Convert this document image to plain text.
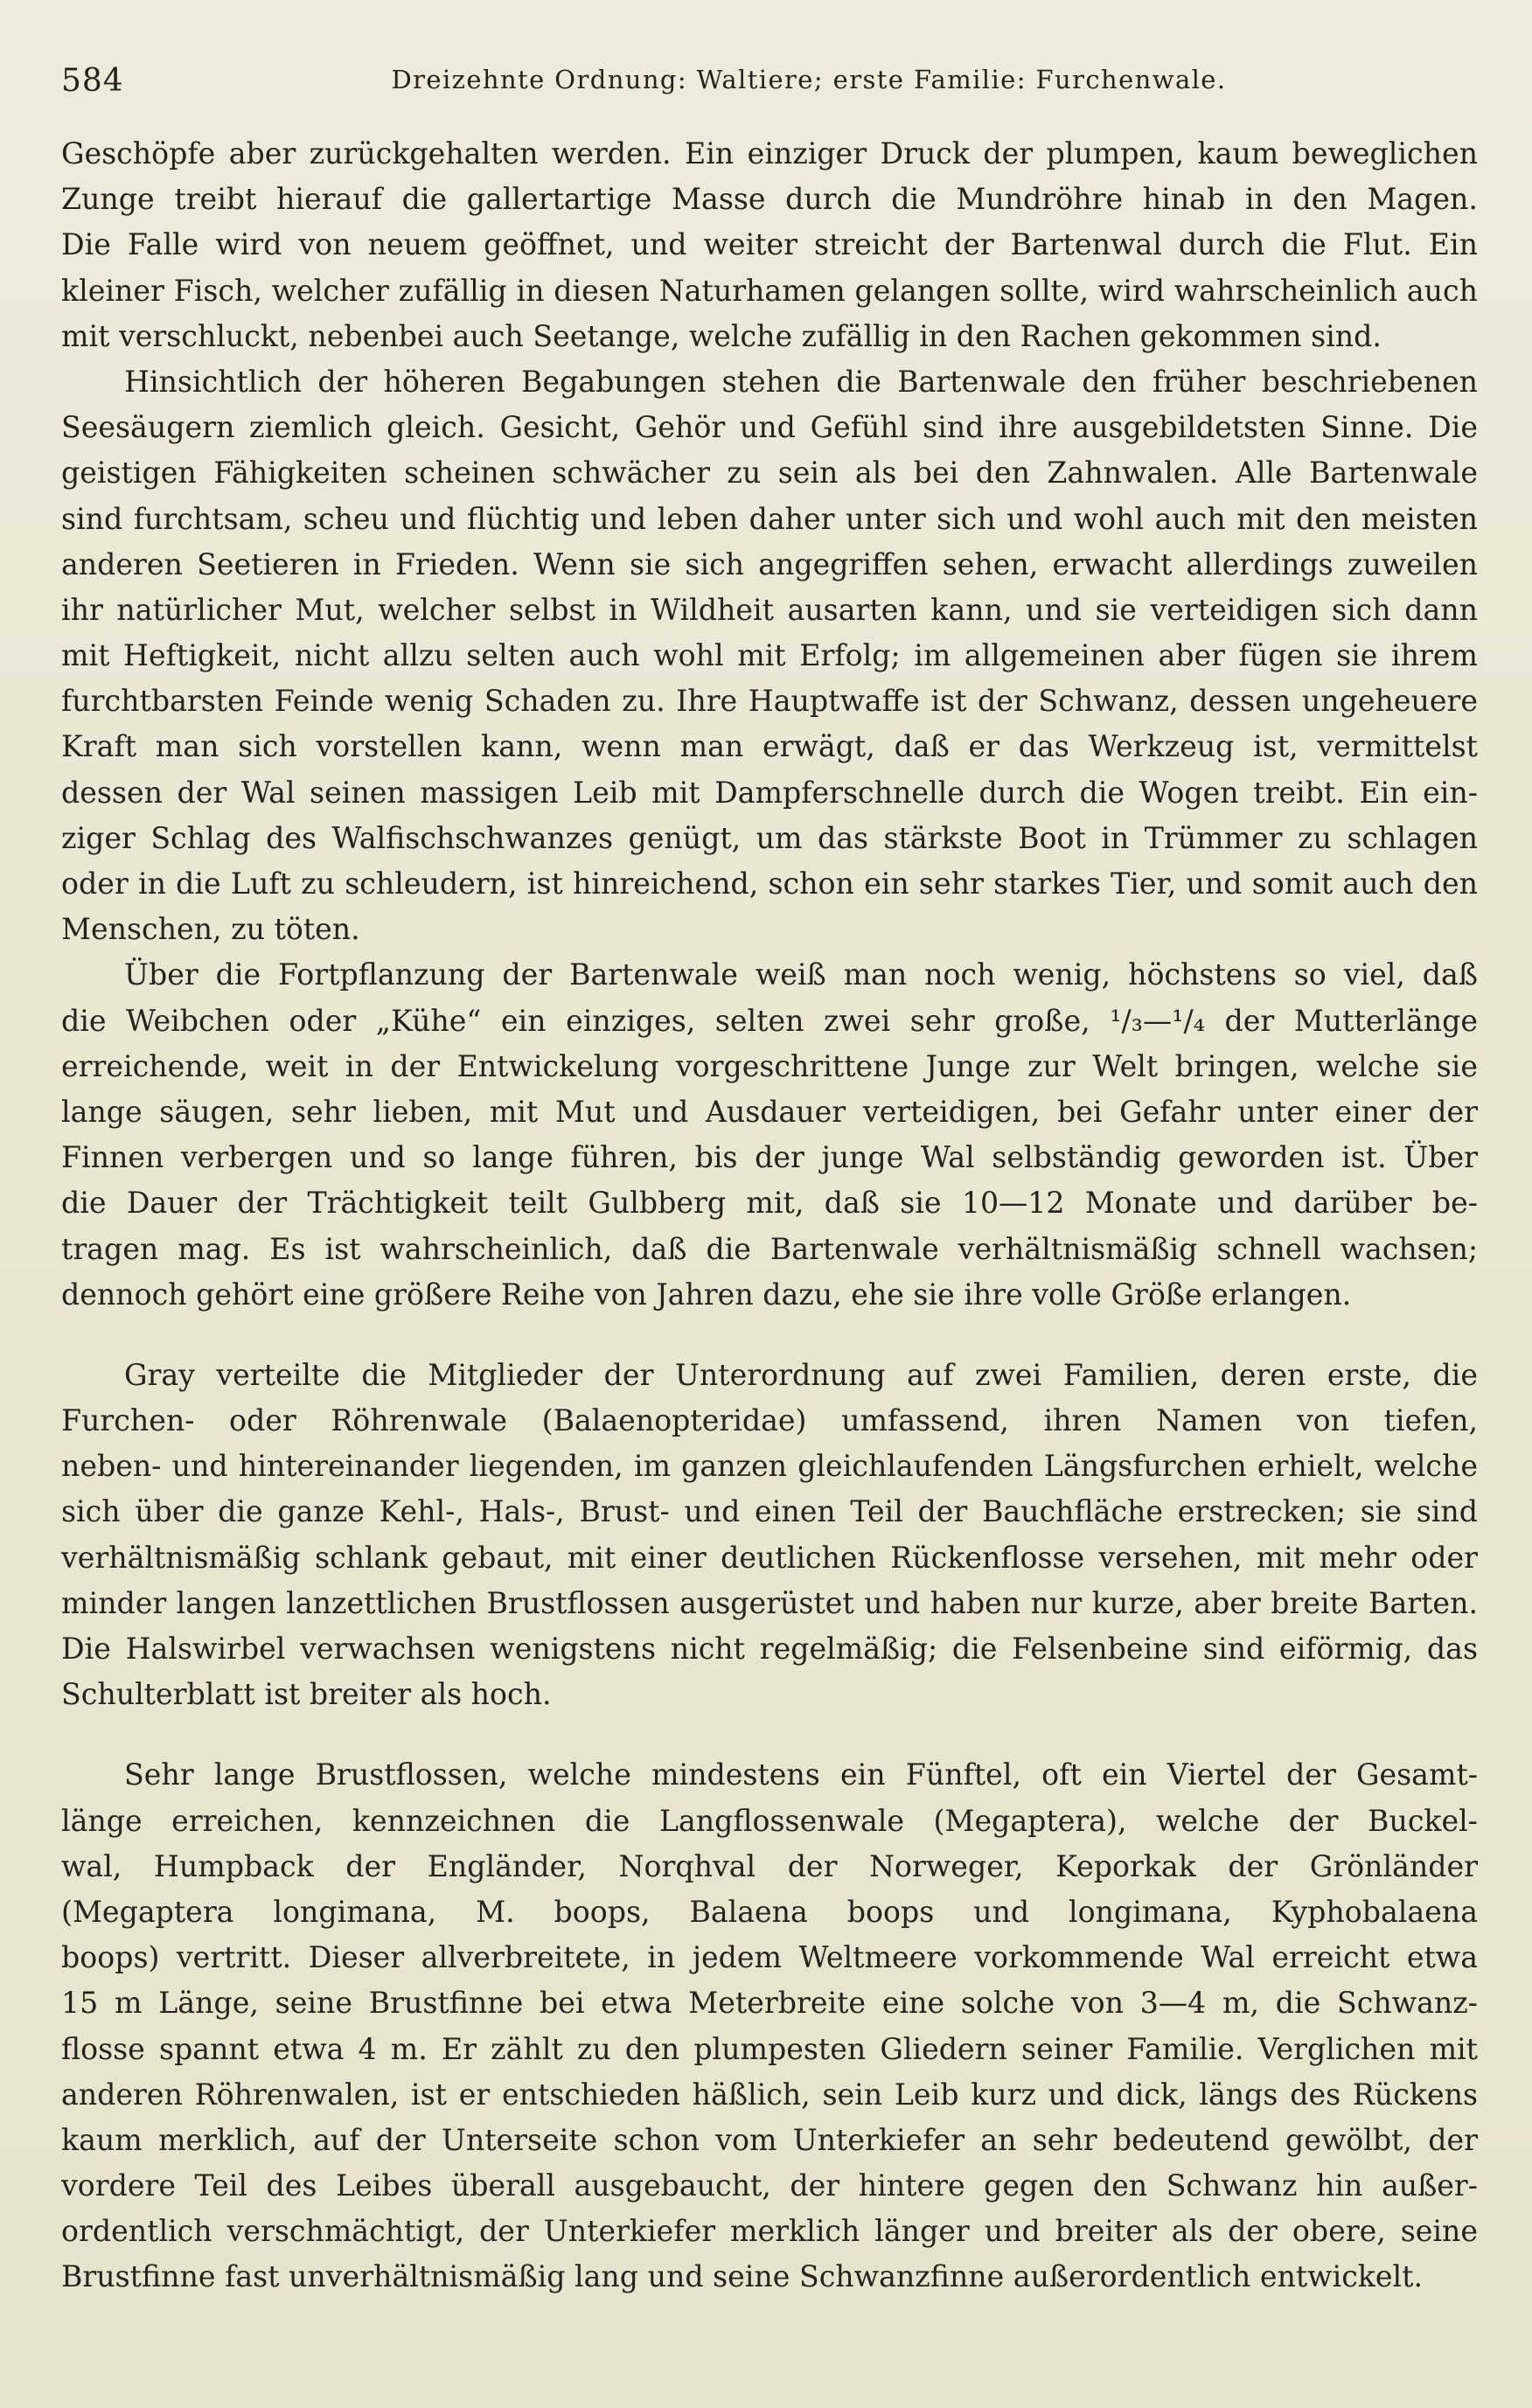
584	Dreizehnte Ordnung: Waltiere; erste Familie: Furchenwale.

Geschöpfe aber zurückgehalten werden. Ein einziger Druck der plumpen, kaum beweglichen
Zunge treibt hierauf die gallertartige Masse durch die Mundröhre hinab in den Magen.
Die Falle wird von neuem geöffnet, und weiter streicht der Bartenwal durch die Flut. Ein
kleiner Fisch, welcher zufällig in diesen Naturhamen gelangen sollte, wird wahrscheinlich auch
mit verschluckt, nebenbei auch Seetange, welche zufällig in den Rachen gekommen sind.

Hinsichtlich der höheren Begabungen stehen die Bartenwale den früher beschriebenen
Seesäugern ziemlich gleich. Gesicht, Gehör und Gefühl sind ihre ausgebildetsten Sinne. Die
geistigen Fähigkeiten scheinen schwächer zu sein als bei den Zahnwalen. Alle Bartenwale
sind furchtsam, scheu und flüchtig und leben daher unter sich und wohl auch mit den meisten
anderen Seetieren in Frieden. Wenn sie sich angegriffen sehen, erwacht allerdings zuweilen
ihr natürlicher Mut, welcher selbst in Wildheit ausarten kann, und sie verteidigen sich dann
mit Heftigkeit, nicht allzu selten auch wohl mit Erfolg; im allgemeinen aber fügen sie ihrem
furchtbarsten Feinde wenig Schaden zu. Ihre Hauptwaffe ist der Schwanz, dessen ungeheuere
Kraft man sich vorstellen kann, wenn man erwägt, daß er das Werkzeug ist, vermittelst
dessen der Wal seinen massigen Leib mit Dampferschnelle durch die Wogen treibt. Ein ein-
ziger Schlag des Walfischschwanzes genügt, um das stärkste Boot in Trümmer zu schlagen
oder in die Luft zu schleudern, ist hinreichend, schon ein sehr starkes Tier, und somit auch den
Menschen, zu töten.

Über die Fortpflanzung der Bartenwale weiß man noch wenig, höchstens so viel, daß
die Weibchen oder „Kühe“ ein einziges, selten zwei sehr große, ¹/₃—¹/₄ der Mutterlänge
erreichende, weit in der Entwickelung vorgeschrittene Junge zur Welt bringen, welche sie
lange säugen, sehr lieben, mit Mut und Ausdauer verteidigen, bei Gefahr unter einer der
Finnen verbergen und so lange führen, bis der junge Wal selbständig geworden ist. Über
die Dauer der Trächtigkeit teilt Gulbberg mit, daß sie 10—12 Monate und darüber be-
tragen mag. Es ist wahrscheinlich, daß die Bartenwale verhältnismäßig schnell wachsen;
dennoch gehört eine größere Reihe von Jahren dazu, ehe sie ihre volle Größe erlangen.

Gray verteilte die Mitglieder der Unterordnung auf zwei Familien, deren erste, die
Furchen- oder Röhrenwale (Balaenopteridae) umfassend, ihren Namen von tiefen,
neben- und hintereinander liegenden, im ganzen gleichlaufenden Längsfurchen erhielt, welche
sich über die ganze Kehl-, Hals-, Brust- und einen Teil der Bauchfläche erstrecken; sie sind
verhältnismäßig schlank gebaut, mit einer deutlichen Rückenflosse versehen, mit mehr oder
minder langen lanzettlichen Brustflossen ausgerüstet und haben nur kurze, aber breite Barten.
Die Halswirbel verwachsen wenigstens nicht regelmäßig; die Felsenbeine sind eiförmig, das
Schulterblatt ist breiter als hoch.

Sehr lange Brustflossen, welche mindestens ein Fünftel, oft ein Viertel der Gesamt-
länge erreichen, kennzeichnen die Langflossenwale (Megaptera), welche der Buckel-
wal, Humpback der Engländer, Norqhval der Norweger, Keporkak der Grönländer
(Megaptera longimana, M. boops, Balaena boops und longimana, Kyphobalaena
boops) vertritt. Dieser allverbreitete, in jedem Weltmeere vorkommende Wal erreicht etwa
15 m Länge, seine Brustfinne bei etwa Meterbreite eine solche von 3—4 m, die Schwanz-
flosse spannt etwa 4 m. Er zählt zu den plumpesten Gliedern seiner Familie. Verglichen mit
anderen Röhrenwalen, ist er entschieden häßlich, sein Leib kurz und dick, längs des Rückens
kaum merklich, auf der Unterseite schon vom Unterkiefer an sehr bedeutend gewölbt, der
vordere Teil des Leibes überall ausgebaucht, der hintere gegen den Schwanz hin außer-
ordentlich verschmächtigt, der Unterkiefer merklich länger und breiter als der obere, seine
Brustfinne fast unverhältnismäßig lang und seine Schwanzfinne außerordentlich entwickelt.
